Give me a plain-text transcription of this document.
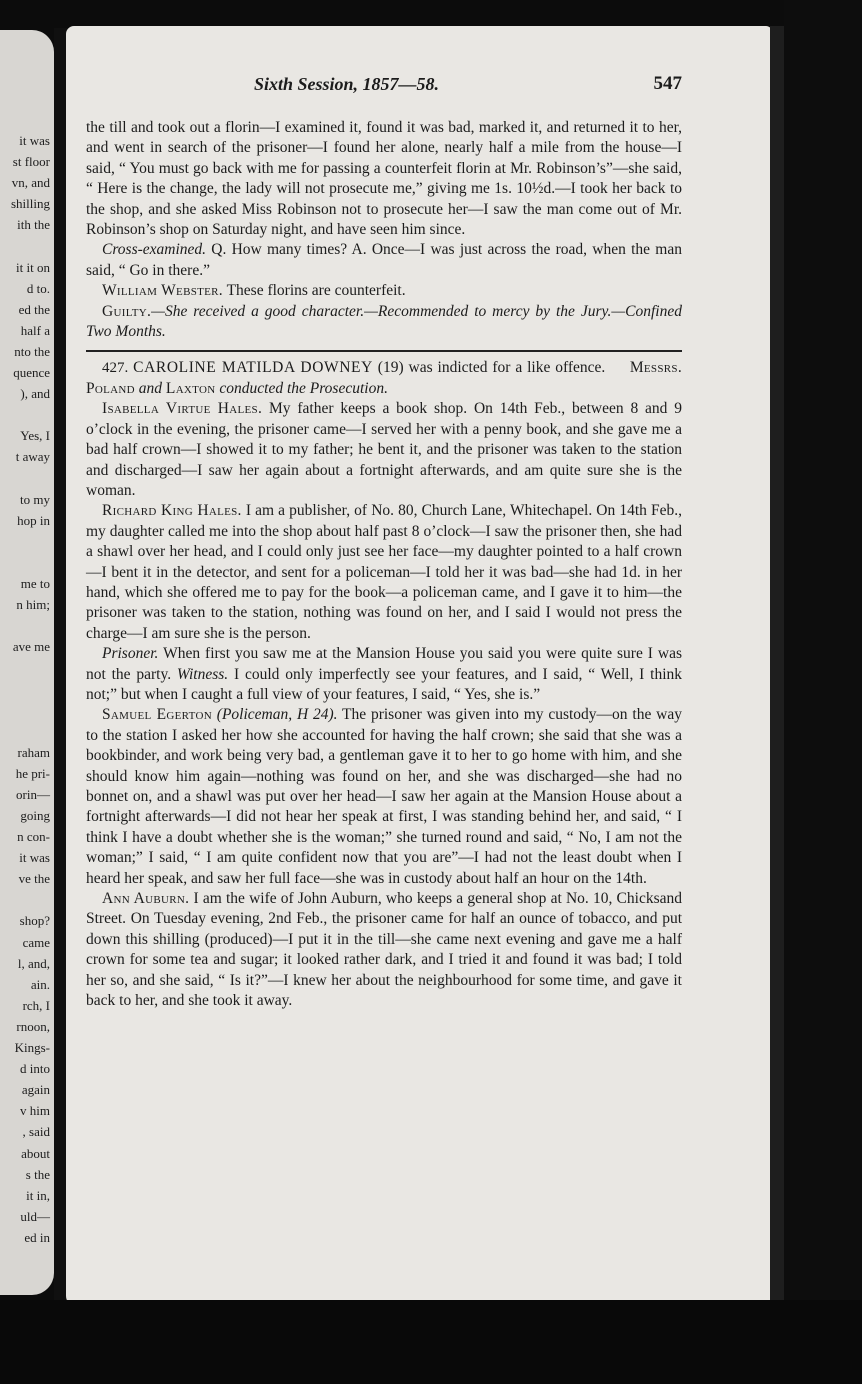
it was
st floor
vn, and
shilling
ith the

it it on
d to.
ed the
half a
nto the
quence
), and

Yes, I
t away

to my
hop in

me to
n him;

ave me

raham
he pri-
orin—
going
n con-
it was
ve the

shop?
came
l, and,
ain.
rch, I
rnoon,
Kings-
d into
again
v him
, said
about
s the
it in,
uld—
ed in
Sixth Session, 1857—58.	547

the till and took out a florin—I examined it, found it was bad, marked it, and returned it to her, and went in search of the prisoner—I found her alone, nearly half a mile from the house—I said, “ You must go back with me for passing a counterfeit florin at Mr. Robinson’s”—she said, “ Here is the change, the lady will not prosecute me,” giving me 1s. 10½d.—I took her back to the shop, and she asked Miss Robinson not to prosecute her—I saw the man come out of Mr. Robinson’s shop on Saturday night, and have seen him since.

Cross-examined. Q. How many times? A. Once—I was just across the road, when the man said, “ Go in there.”

William Webster. These florins are counterfeit.

Guilty.—She received a good character.—Recommended to mercy by the Jury.—Confined Two Months.

427. CAROLINE MATILDA DOWNEY (19) was indicted for a like offence. Messrs. Poland and Laxton conducted the Prosecution.

Isabella Virtue Hales. My father keeps a book shop. On 14th Feb., between 8 and 9 o’clock in the evening, the prisoner came—I served her with a penny book, and she gave me a bad half crown—I showed it to my father; he bent it, and the prisoner was taken to the station and discharged—I saw her again about a fortnight afterwards, and am quite sure she is the woman.

Richard King Hales. I am a publisher, of No. 80, Church Lane, Whitechapel. On 14th Feb., my daughter called me into the shop about half past 8 o’clock—I saw the prisoner then, she had a shawl over her head, and I could only just see her face—my daughter pointed to a half crown—I bent it in the detector, and sent for a policeman—I told her it was bad—she had 1d. in her hand, which she offered me to pay for the book—a policeman came, and I gave it to him—the prisoner was taken to the station, nothing was found on her, and I said I would not press the charge—I am sure she is the person.

Prisoner. When first you saw me at the Mansion House you said you were quite sure I was not the party. Witness. I could only imperfectly see your features, and I said, “ Well, I think not;” but when I caught a full view of your features, I said, “ Yes, she is.”

Samuel Egerton (Policeman, H 24). The prisoner was given into my custody—on the way to the station I asked her how she accounted for having the half crown; she said that she was a bookbinder, and work being very bad, a gentleman gave it to her to go home with him, and she should know him again—nothing was found on her, and she was discharged—she had no bonnet on, and a shawl was put over her head—I saw her again at the Mansion House about a fortnight afterwards—I did not hear her speak at first, I was standing behind her, and said, “ I think I have a doubt whether she is the woman;” she turned round and said, “ No, I am not the woman;” I said, “ I am quite confident now that you are”—I had not the least doubt when I heard her speak, and saw her full face—she was in custody about half an hour on the 14th.

Ann Auburn. I am the wife of John Auburn, who keeps a general shop at No. 10, Chicksand Street. On Tuesday evening, 2nd Feb., the prisoner came for half an ounce of tobacco, and put down this shilling (produced)—I put it in the till—she came next evening and gave me a half crown for some tea and sugar; it looked rather dark, and I tried it and found it was bad; I told her so, and she said, “ Is it?”—I knew her about the neighbourhood for some time, and gave it back to her, and she took it away.
